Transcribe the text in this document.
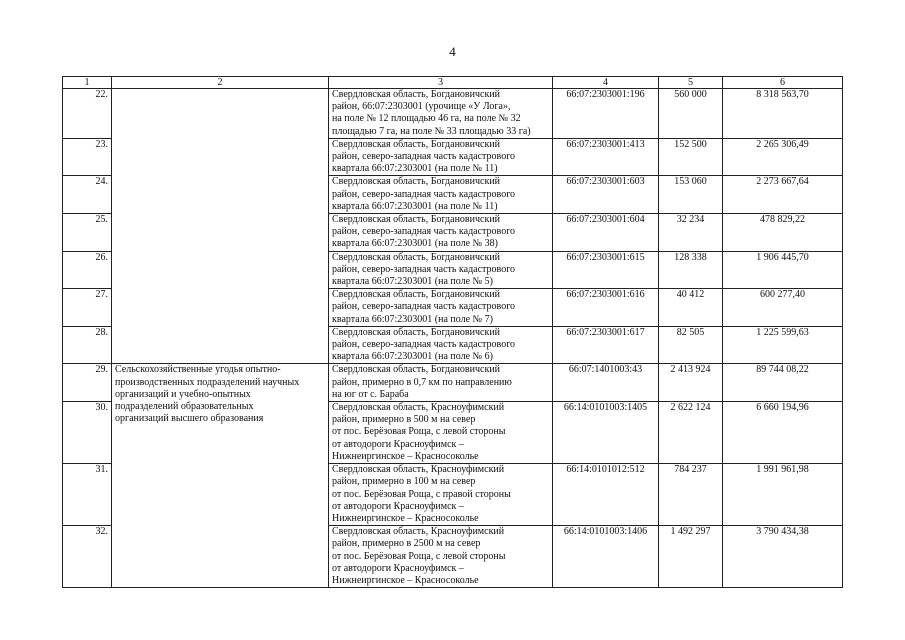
4
1	2	3	4	5	6
22.		Свердловская область, Богдановичский
район, 66:07:2303001 (урочище «У Лога»,
на поле № 12 площадью 46 га, на поле № 32
площадью 7 га, на поле № 33 площадью 33 га)	66:07:2303001:196	560 000	8 318 563,70
23.		Свердловская область, Богдановичский
район, северо-западная часть кадастрового
квартала 66:07:2303001 (на поле № 11)	66:07:2303001:413	152 500	2 265 306,49
24.		Свердловская область, Богдановичский
район, северо-западная часть кадастрового
квартала 66:07:2303001 (на поле № 11)	66:07:2303001:603	153 060	2 273 667,64
25.		Свердловская область, Богдановичский
район, северо-западная часть кадастрового
квартала 66:07:2303001 (на поле № 38)	66:07:2303001:604	32 234	478 829,22
26.		Свердловская область, Богдановичский
район, северо-западная часть кадастрового
квартала 66:07:2303001 (на поле № 5)	66:07:2303001:615	128 338	1 906 445,70
27.		Свердловская область, Богдановичский
район, северо-западная часть кадастрового
квартала 66:07:2303001 (на поле № 7)	66:07:2303001:616	40 412	600 277,40
28.		Свердловская область, Богдановичский
район, северо-западная часть кадастрового
квартала 66:07:2303001 (на поле № 6)	66:07:2303001:617	82 505	1 225 599,63
29.	Сельскохозяйственные угодья опытно-
производственных подразделений научных
организаций и учебно-опытных
подразделений образовательных
организаций высшего образования	Свердловская область, Богдановичский
район, примерно в 0,7 км по направлению
на юг от с. Бараба	66:07:1401003:43	2 413 924	89 744 08,22
30.		Свердловская область, Красноуфимский
район, примерно в 500 м на север
от пос. Берёзовая Роща, с левой стороны
от автодороги Красноуфимск –
Нижнеиргинское – Красносокольe	66:14:0101003:1405	2 622 124	6 660 194,96
31.		Свердловская область, Красноуфимский
район, примерно в 100 м на север
от пос. Берёзовая Роща, с правой стороны
от автодороги Красноуфимск –
Нижнеиргинское – Красносокольe	66:14:0101012:512	784 237	1 991 961,98
32.		Свердловская область, Красноуфимский
район, примерно в 2500 м на север
от пос. Берёзовая Роща, с левой стороны
от автодороги Красноуфимск –
Нижнеиргинское – Красносокольe	66:14:0101003:1406	1 492 297	3 790 434,38
